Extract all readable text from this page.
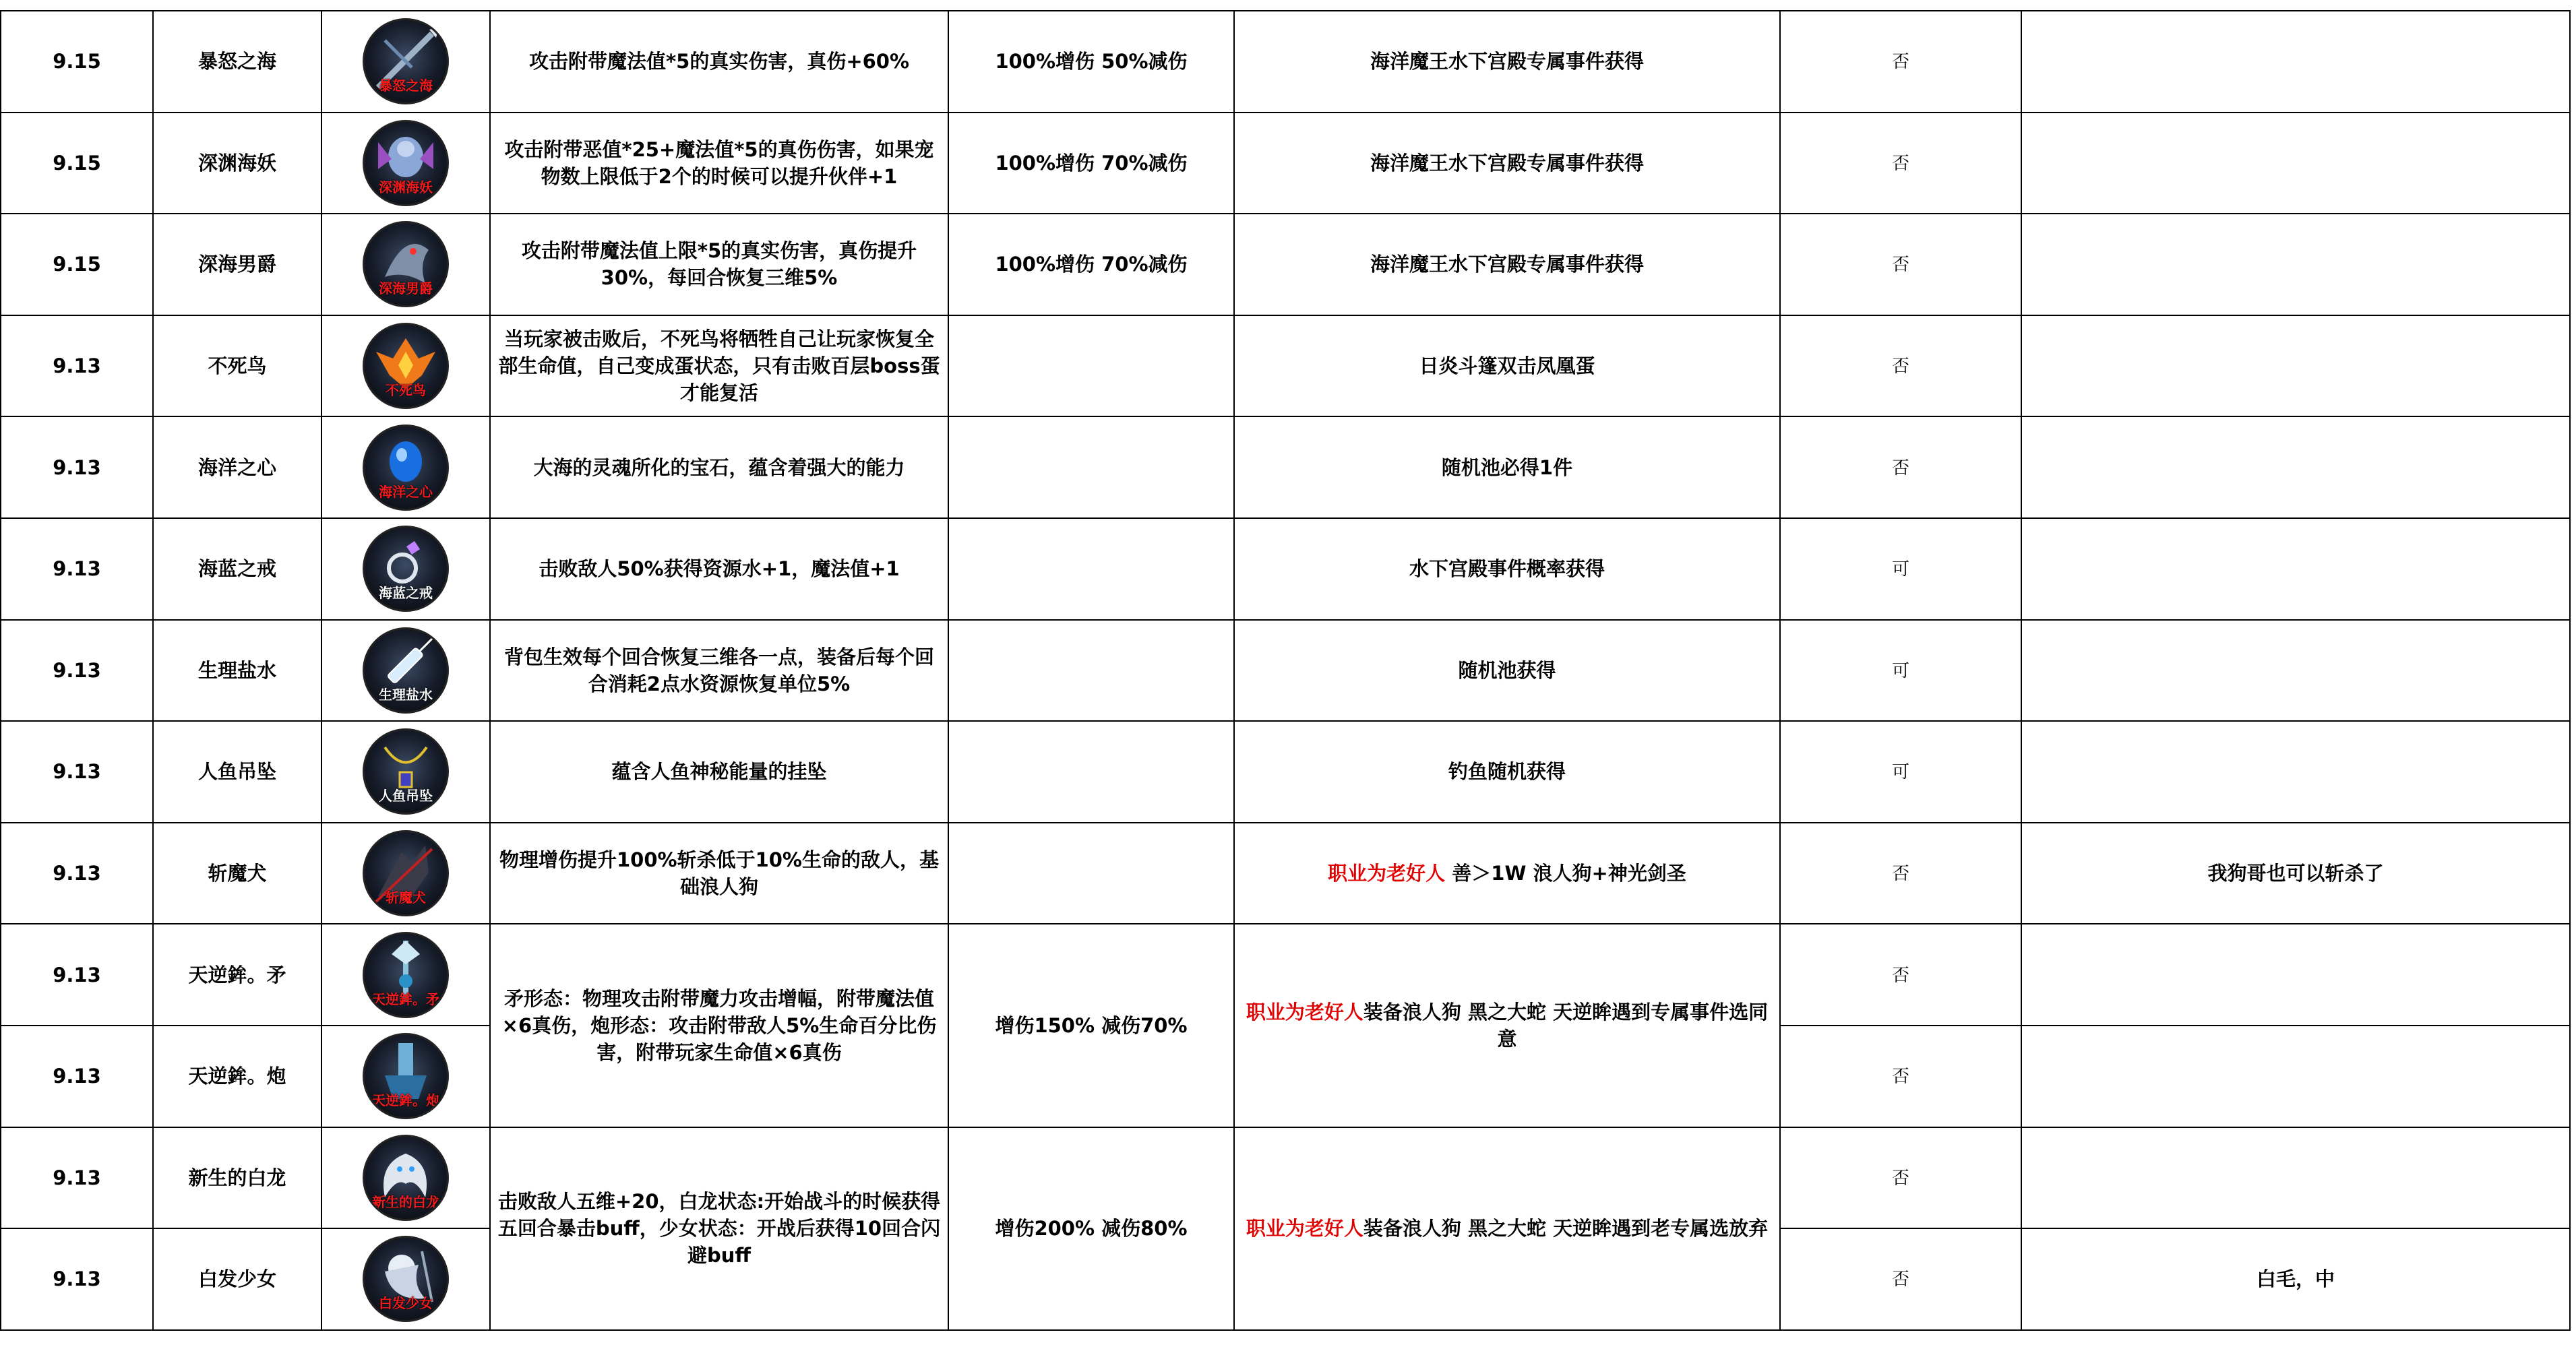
9.15	暴怒之海	暴怒之海	攻击附带魔法值*5的真实伤害，真伤+60%	100%增伤 50%减伤	海洋魔王水下宫殿专属事件获得	否	
9.15	深渊海妖	深渊海妖	攻击附带恶值*25+魔法值*5的真伤伤害，如果宠物数上限低于2个的时候可以提升伙伴+1	100%增伤 70%减伤	海洋魔王水下宫殿专属事件获得	否	
9.15	深海男爵	深海男爵	攻击附带魔法值上限*5的真实伤害，真伤提升30%，每回合恢复三维5%	100%增伤 70%减伤	海洋魔王水下宫殿专属事件获得	否	
9.13	不死鸟	不死鸟	当玩家被击败后，不死鸟将牺牲自己让玩家恢复全部生命值，自己变成蛋状态，只有击败百层boss蛋才能复活		日炎斗篷双击凤凰蛋	否	
9.13	海洋之心	海洋之心	大海的灵魂所化的宝石，蕴含着强大的能力		随机池必得1件	否	
9.13	海蓝之戒	海蓝之戒	击败敌人50%获得资源水+1，魔法值+1		水下宫殿事件概率获得	可	
9.13	生理盐水	生理盐水	背包生效每个回合恢复三维各一点，装备后每个回合消耗2点水资源恢复单位5%		随机池获得	可	
9.13	人鱼吊坠	人鱼吊坠	蕴含人鱼神秘能量的挂坠		钓鱼随机获得	可	
9.13	斩魔犬	斩魔犬	物理增伤提升100%斩杀低于10%生命的敌人，基础浪人狗		职业为老好人 善＞1W 浪人狗+神光剑圣	否	我狗哥也可以斩杀了
9.13	天逆鉾。矛	天逆鉾。矛	矛形态：物理攻击附带魔力攻击增幅，附带魔法值×6真伤，炮形态：攻击附带敌人5%生命百分比伤害，附带玩家生命值×6真伤	增伤150% 减伤70%	职业为老好人装备浪人狗 黑之大蛇 天逆眸遇到专属事件选同意	否	
9.13	天逆鉾。炮	天逆鉾。炮				否	
9.13	新生的白龙	新生的白龙	击败敌人五维+20，白龙状态:开始战斗的时候获得五回合暴击buff，少女状态：开战后获得10回合闪避buff	增伤200% 减伤80%	职业为老好人装备浪人狗 黑之大蛇 天逆眸遇到老专属选放弃	否	
9.13	白发少女	白发少女				否	白毛，中
